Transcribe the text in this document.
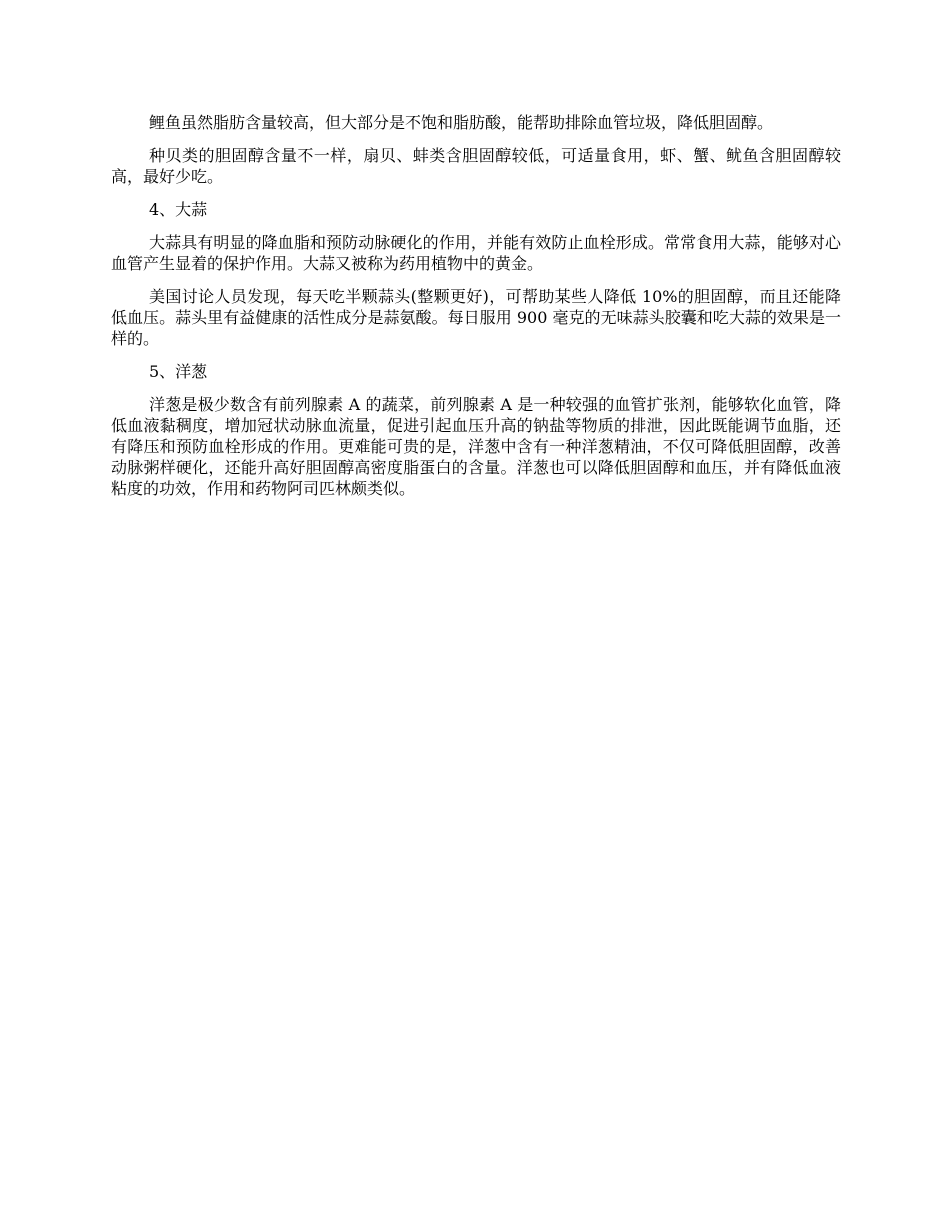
鲤鱼虽然脂肪含量较高，但大部分是不饱和脂肪酸，能帮助排除血管垃圾，降低胆固醇。

种贝类的胆固醇含量不一样，扇贝、蚌类含胆固醇较低，可适量食用，虾、蟹、鱿鱼含胆固醇较高，最好少吃。

4、大蒜

大蒜具有明显的降血脂和预防动脉硬化的作用，并能有效防止血栓形成。常常食用大蒜，能够对心血管产生显着的保护作用。大蒜又被称为药用植物中的黄金。

美国讨论人员发现，每天吃半颗蒜头(整颗更好)，可帮助某些人降低 10%的胆固醇，而且还能降低血压。蒜头里有益健康的活性成分是蒜氨酸。每日服用 900 毫克的无味蒜头胶囊和吃大蒜的效果是一样的。

5、洋葱

洋葱是极少数含有前列腺素 A 的蔬菜，前列腺素 A 是一种较强的血管扩张剂，能够软化血管，降低血液黏稠度，增加冠状动脉血流量，促进引起血压升高的钠盐等物质的排泄，因此既能调节血脂，还有降压和预防血栓形成的作用。更难能可贵的是，洋葱中含有一种洋葱精油，不仅可降低胆固醇，改善动脉粥样硬化，还能升高好胆固醇高密度脂蛋白的含量。洋葱也可以降低胆固醇和血压，并有降低血液粘度的功效，作用和药物阿司匹林颇类似。
